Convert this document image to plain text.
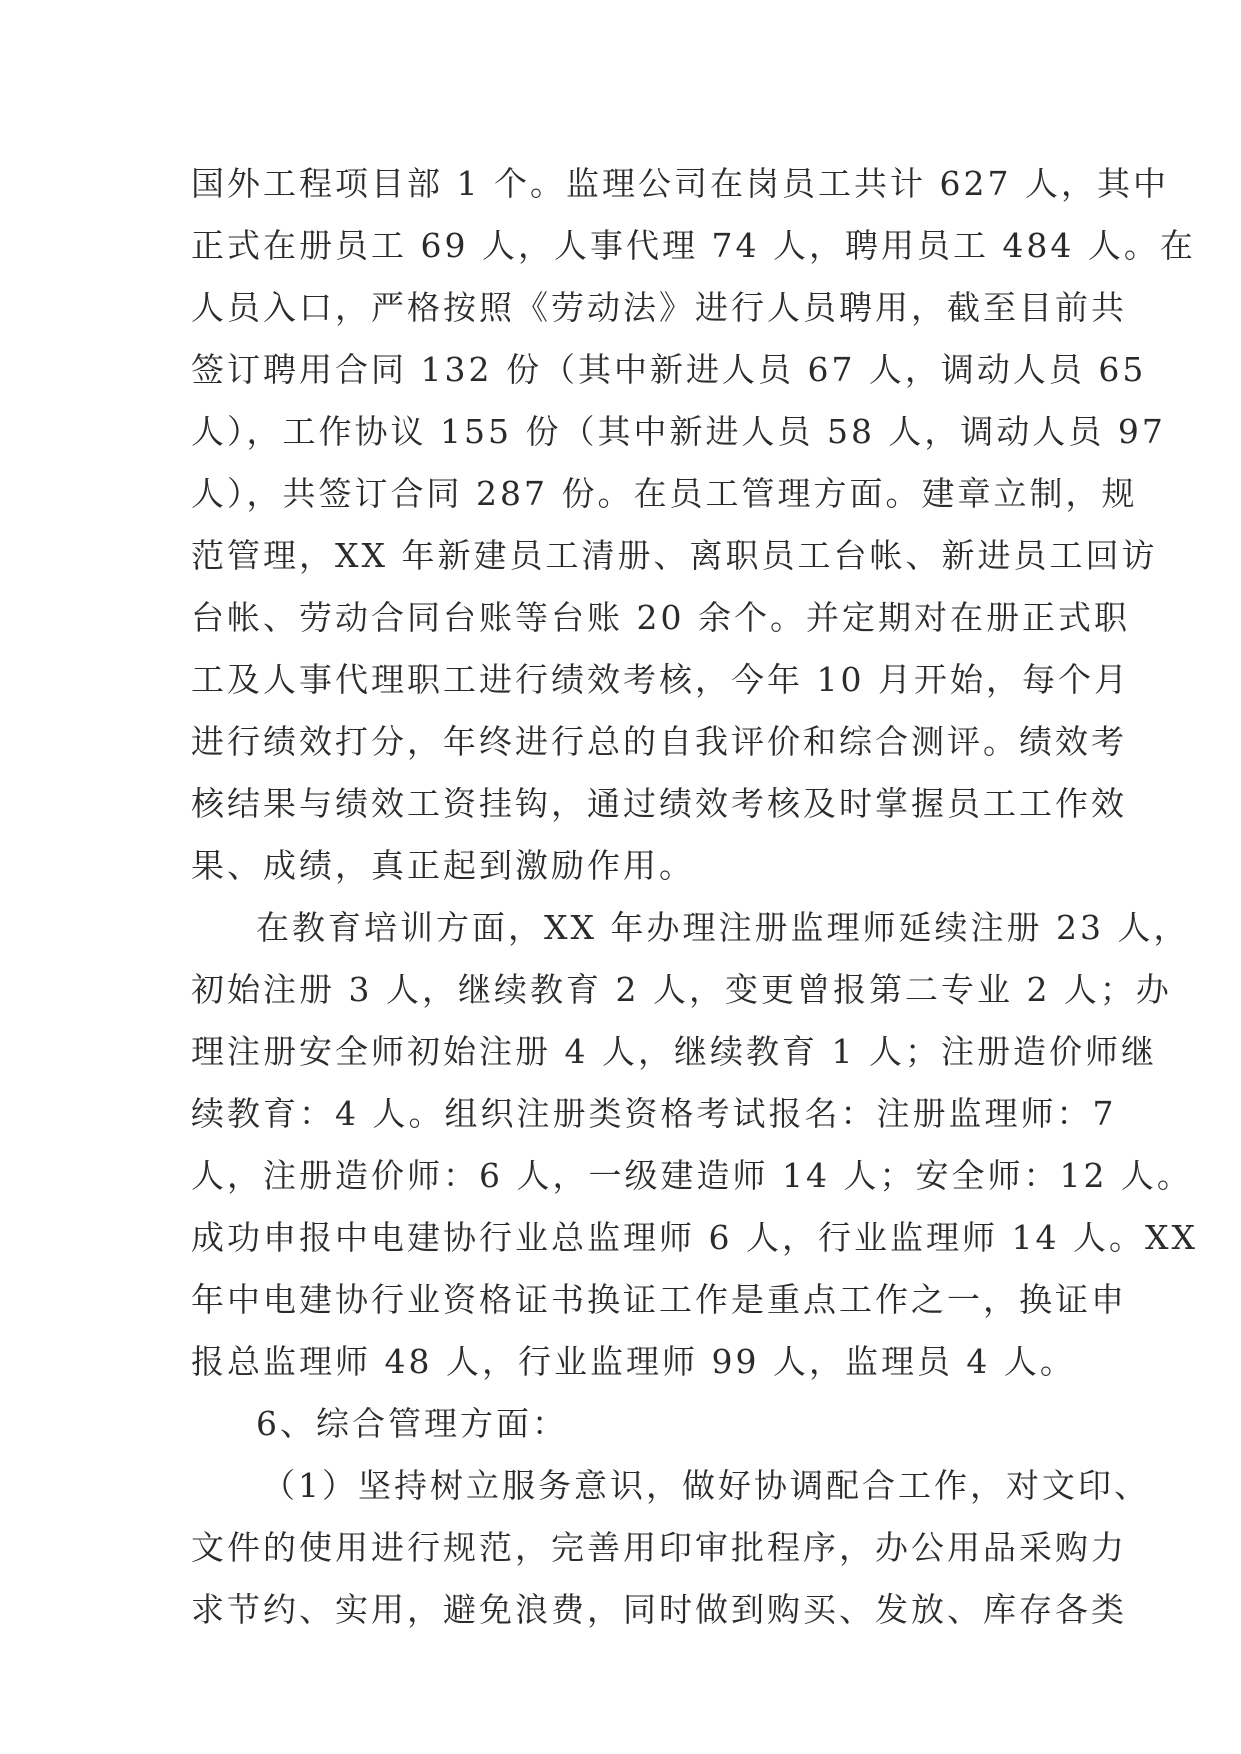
国外工程项目部 1 个。监理公司在岗员工共计 627 人，其中
正式在册员工 69 人，人事代理 74 人，聘用员工 484 人。在
人员入口，严格按照《劳动法》进行人员聘用，截至目前共
签订聘用合同 132 份（其中新进人员 67 人，调动人员 65
人），工作协议 155 份（其中新进人员 58 人，调动人员 97
人），共签订合同 287 份。在员工管理方面。建章立制，规
范管理，XX 年新建员工清册、离职员工台帐、新进员工回访
台帐、劳动合同台账等台账 20 余个。并定期对在册正式职
工及人事代理职工进行绩效考核，今年 10 月开始，每个月
进行绩效打分，年终进行总的自我评价和综合测评。绩效考
核结果与绩效工资挂钩，通过绩效考核及时掌握员工工作效
果、成绩，真正起到激励作用。
在教育培训方面，XX 年办理注册监理师延续注册 23 人，
初始注册 3 人，继续教育 2 人，变更曾报第二专业 2 人；办
理注册安全师初始注册 4 人，继续教育 1 人；注册造价师继
续教育：4 人。组织注册类资格考试报名：注册监理师：7
人，注册造价师：6 人，一级建造师 14 人；安全师：12 人。
成功申报中电建协行业总监理师 6 人，行业监理师 14 人。XX
年中电建协行业资格证书换证工作是重点工作之一，换证申
报总监理师 48 人，行业监理师 99 人，监理员 4 人。
6、综合管理方面：
（1）坚持树立服务意识，做好协调配合工作，对文印、
文件的使用进行规范，完善用印审批程序，办公用品采购力
求节约、实用，避免浪费，同时做到购买、发放、库存各类
